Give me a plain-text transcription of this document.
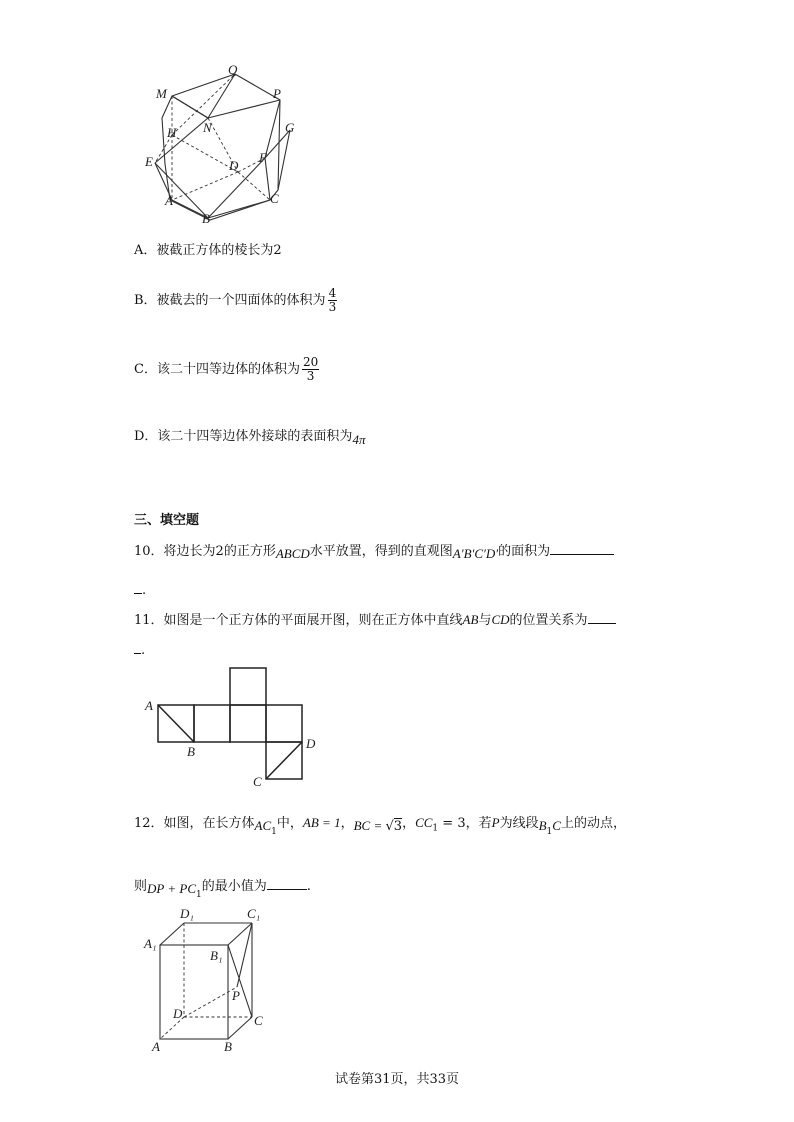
Q
M	P
N
H	G
E	D
F
A
B
C
A．被截正方体的棱长为2
B．被截去的一个四面体的体积为 $\frac{4}{3}$
C．该二十四等边体的体积为 $\frac{20}{3}$
D．该二十四等边体外接球的表面积为4π
三、填空题
10．将边长为2的正方形ABCD水平放置，得到的直观图A′B′C′D′的面积为
.
11．如图是一个正方体的平面展开图，则在正方体中直线AB与CD的位置关系为
.
A
B
C
D
12．如图，在长方体$AC_1$中，AB = 1，BC = √3，$CC_1 = 3$，若P为线段$B_1C$上的动点，
则DP + $PC_1$的最小值为	.
D₁	C₁
A₁
B₁
P
D	C
A	B
试卷第31页，共33页
